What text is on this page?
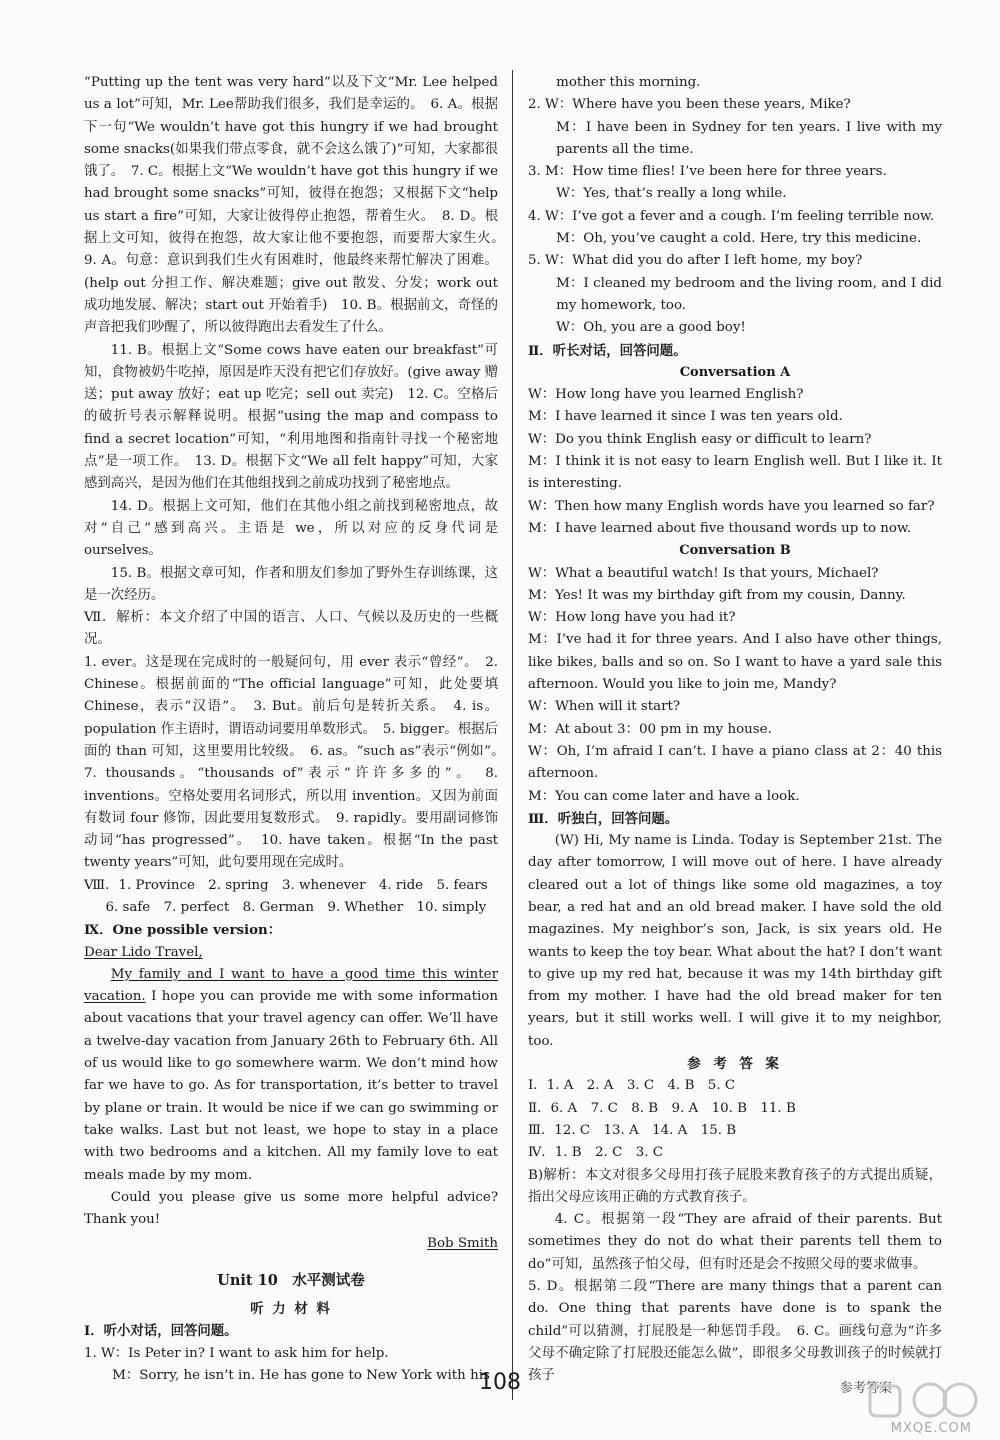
“Putting up the tent was very hard”以及下文“Mr. Lee helped us a lot”可知，Mr. Lee帮助我们很多，我们是幸运的。　6. A。根据下一句“We wouldn’t have got this hungry if we had brought some snacks(如果我们带点零食，就不会这么饿了)”可知，大家都很饿了。　7. C。根据上文“We wouldn’t have got this hungry if we had brought some snacks”可知，彼得在抱怨；又根据下文“help us start a fire”可知，大家让彼得停止抱怨，帮着生火。　8. D。根据上文可知，彼得在抱怨，故大家让他不要抱怨，而要帮大家生火。　9. A。句意：意识到我们生火有困难时，他最终来帮忙解决了困难。(help out 分担工作、解决难题；give out 散发、分发；work out 成功地发展、解决；start out 开始着手)　10. B。根据前文，奇怪的声音把我们吵醒了，所以彼得跑出去看发生了什么。

11. B。根据上文“Some cows have eaten our breakfast”可知，食物被奶牛吃掉，原因是昨天没有把它们存放好。(give away 赠送；put away 放好；eat up 吃完；sell out 卖完)　12. C。空格后的破折号表示解释说明。根据“using the map and compass to find a secret location”可知，“利用地图和指南针寻找一个秘密地点”是一项工作。　13. D。根据下文“We all felt happy”可知，大家感到高兴，是因为他们在其他组找到之前成功找到了秘密地点。

14. D。根据上文可知，他们在其他小组之前找到秘密地点，故对“自己”感到高兴。主语是 we，所以对应的反身代词是 ourselves。

15. B。根据文章可知，作者和朋友们参加了野外生存训练课，这是一次经历。

Ⅶ．解析：本文介绍了中国的语言、人口、气候以及历史的一些概况。

1. ever。这是现在完成时的一般疑问句，用 ever 表示“曾经”。　2. Chinese。根据前面的“The official language”可知，此处要填 Chinese，表示“汉语”。　3. But。前后句是转折关系。　4. is。population 作主语时，谓语动词要用单数形式。　5. bigger。根据后面的 than 可知，这里要用比较级。　6. as。“such as”表示“例如”。　7. thousands。“thousands of”表示“许许多多的”。　8. inventions。空格处要用名词形式，所以用 invention。又因为前面有数词 four 修饰，因此要用复数形式。　9. rapidly。要用副词修饰动词“has progressed”。　10. have taken。根据“In the past twenty years”可知，此句要用现在完成时。

Ⅷ．1. Province　2. spring　3. whenever　4. ride　5. fears

6. safe　7. perfect　8. German　9. Whether　10. simply

Ⅸ．One possible version：

Dear Lido Travel,

My family and I want to have a good time this winter vacation. I hope you can provide me with some information about vacations that your travel agency can offer. We’ll have a twelve-day vacation from January 26th to February 6th. All of us would like to go somewhere warm. We don’t mind how far we have to go. As for transportation, it’s better to travel by plane or train. It would be nice if we can go swimming or take walks. Last but not least, we hope to stay in a place with two bedrooms and a kitchen. All my family love to eat meals made by my mom.

Could you please give us some more helpful advice? Thank you!

Bob Smith

Unit 10　水平测试卷

听 力 材 料

Ⅰ．听小对话，回答问题。

1. W：Is Peter in? I want to ask him for help.

M：Sorry, he isn’t in. He has gone to New York with his

mother this morning.

2. W：Where have you been these years, Mike?

M：I have been in Sydney for ten years. I live with my parents all the time.

3. M：How time flies! I’ve been here for three years.

W：Yes, that’s really a long while.

4. W：I’ve got a fever and a cough. I’m feeling terrible now.

M：Oh, you’ve caught a cold. Here, try this medicine.

5. W：What did you do after I left home, my boy?

M：I cleaned my bedroom and the living room, and I did my homework, too.

W：Oh, you are a good boy!

Ⅱ．听长对话，回答问题。

Conversation A

W：How long have you learned English?

M：I have learned it since I was ten years old.

W：Do you think English easy or difficult to learn?

M：I think it is not easy to learn English well. But I like it. It is interesting.

W：Then how many English words have you learned so far?

M：I have learned about five thousand words up to now.

Conversation B

W：What a beautiful watch! Is that yours, Michael?

M：Yes! It was my birthday gift from my cousin, Danny.

W：How long have you had it?

M：I’ve had it for three years. And I also have other things, like bikes, balls and so on. So I want to have a yard sale this afternoon. Would you like to join me, Mandy?

W：When will it start?

M：At about 3：00 pm in my house.

W：Oh, I’m afraid I can’t. I have a piano class at 2：40 this afternoon.

M：You can come later and have a look.

Ⅲ．听独白，回答问题。

(W) Hi, My name is Linda. Today is September 21st. The day after tomorrow, I will move out of here. I have already cleared out a lot of things like some old magazines, a toy bear, a red hat and an old bread maker. I have sold the old magazines. My neighbor’s son, Jack, is six years old. He wants to keep the toy bear. What about the hat? I don’t want to give up my red hat, because it was my 14th birthday gift from my mother. I have had the old bread maker for ten years, but it still works well. I will give it to my neighbor, too.

参 考 答 案

Ⅰ．1. A　2. A　3. C　4. B　5. C

Ⅱ．6. A　7. C　8. B　9. A　10. B　11. B

Ⅲ．12. C　13. A　14. A　15. B

Ⅳ．1. B　2. C　3. C

B)解析：本文对很多父母用打孩子屁股来教育孩子的方式提出质疑，指出父母应该用正确的方式教育孩子。

4. C。根据第一段“They are afraid of their parents. But sometimes they do not do what their parents tell them to do”可知，虽然孩子怕父母，但有时还是会不按照父母的要求做事。

5. D。根据第二段“There are many things that a parent can do. One thing that parents have done is to spank the child”可以猜测，打屁股是一种惩罚手段。　6. C。画线句意为“许多父母不确定除了打屁股还能怎么做”，即很多父母教训孩子的时候就打孩子

108	参考答案
MXQE.COM
